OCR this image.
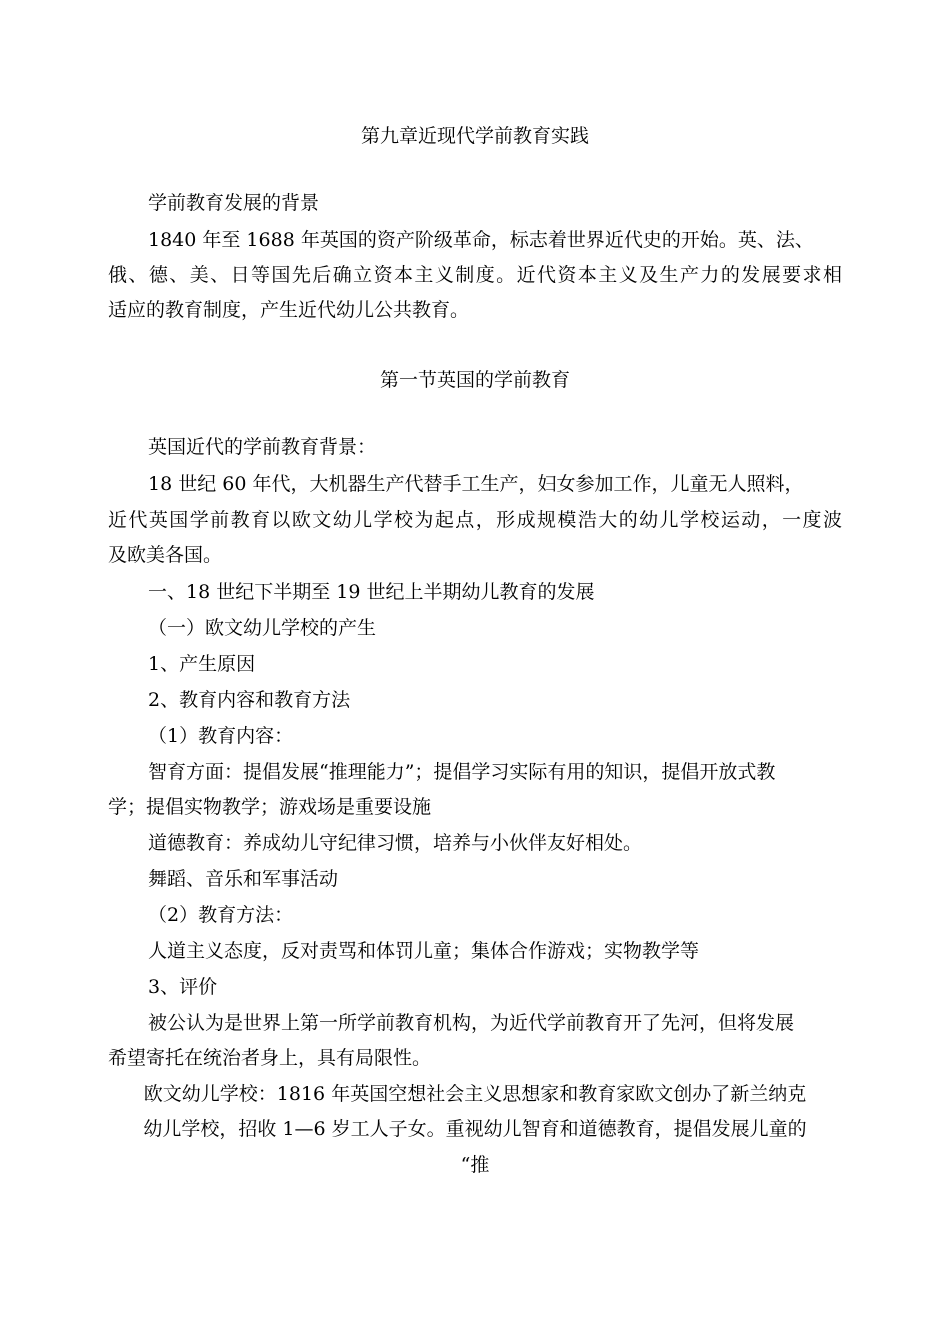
第九章近现代学前教育实践
学前教育发展的背景
1840 年至 1688 年英国的资产阶级革命，标志着世界近代史的开始。英、法、
俄、德、美、日等国先后确立资本主义制度。近代资本主义及生产力的发展要求相
适应的教育制度，产生近代幼儿公共教育。
第一节英国的学前教育
英国近代的学前教育背景：
18 世纪 60 年代，大机器生产代替手工生产，妇女参加工作，儿童无人照料，
近代英国学前教育以欧文幼儿学校为起点，形成规模浩大的幼儿学校运动，一度波
及欧美各国。
一、18 世纪下半期至 19 世纪上半期幼儿教育的发展
（一）欧文幼儿学校的产生
1、产生原因
2、教育内容和教育方法
（1）教育内容：
智育方面：提倡发展“推理能力”；提倡学习实际有用的知识，提倡开放式教
学；提倡实物教学；游戏场是重要设施
道德教育：养成幼儿守纪律习惯，培养与小伙伴友好相处。
舞蹈、音乐和军事活动
（2）教育方法：
人道主义态度，反对责骂和体罚儿童；集体合作游戏；实物教学等
3、评价
被公认为是世界上第一所学前教育机构，为近代学前教育开了先河，但将发展
希望寄托在统治者身上，具有局限性。
欧文幼儿学校：1816 年英国空想社会主义思想家和教育家欧文创办了新兰纳克
幼儿学校，招收 1—6 岁工人子女。重视幼儿智育和道德教育，提倡发展儿童的
“推
